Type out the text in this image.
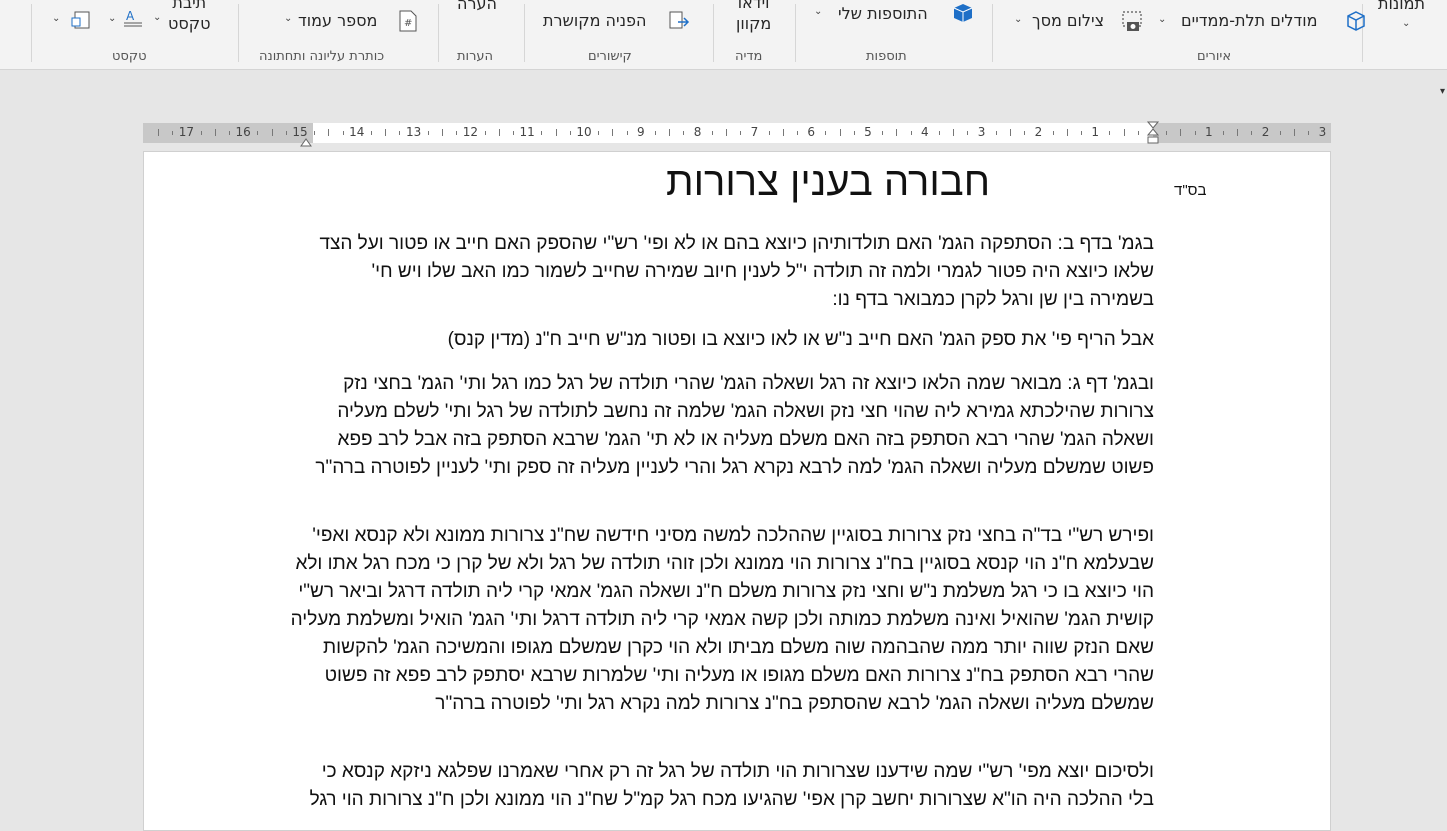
תמונות
⌄
מודלים תלת-ממדיים
⌄
צילום מסך
⌄
איורים
התוספות שלי
⌄
תוספות
וידאו
מקוון
מדיה
הפניה מקושרת
קישורים
הערה
הערות
#
מספר עמוד
⌄
כותרת עליונה ותחתונה
תיבת
טקסט
⌄
A
⌄
⌄
טקסט
▾
3
2
1
1
2
3
4
5
6
7
8
9
10
11
12
13
14
15
16
17
בס"ד
חבורה בענין צרורות
בגמ' בדף ב: הסתפקה הגמ' האם תולדותיהן כיוצא בהם או לא ופי' רש"י שהספק האם חייב או פטור ועל הצד שלאו כיוצא היה פטור לגמרי ולמה זה תולדה י"ל לענין חיוב שמירה שחייב לשמור כמו האב שלו ויש חי' בשמירה בין שן ורגל לקרן כמבואר בדף נו:
אבל הריף פי' את ספק הגמ' האם חייב נ"ש או לאו כיוצא בו ופטור מנ"ש חייב ח"נ (מדין קנס)
ובגמ' דף ג: מבואר שמה הלאו כיוצא זה רגל ושאלה הגמ' שהרי תולדה של רגל כמו רגל ותי' הגמ' בחצי נזק צרורות שהילכתא גמירא ליה שהוי חצי נזק ושאלה הגמ' שלמה זה נחשב לתולדה של רגל ותי' לשלם מעליה ושאלה הגמ' שהרי רבא הסתפק בזה האם משלם מעליה או לא תי' הגמ' שרבא הסתפק בזה אבל לרב פפא פשוט שמשלם מעליה ושאלה הגמ' למה לרבא נקרא רגל והרי לעניין מעליה זה ספק ותי' לעניין לפוטרה ברה"ר
ופירש רש"י בד"ה בחצי נזק צרורות בסוגיין שההלכה למשה מסיני חידשה שח"נ צרורות ממונא ולא קנסא ואפי' שבעלמא ח"נ הוי קנסא בסוגיין בח"נ צרורות הוי ממונא ולכן זוהי תולדה של רגל ולא של קרן כי מכח רגל אתו ולא הוי כיוצא בו כי רגל משלמת נ"ש וחצי נזק צרורות משלם ח"נ ושאלה הגמ' אמאי קרי ליה תולדה דרגל וביאר רש"י קושית הגמ' שהואיל ואינה משלמת כמותה ולכן קשה אמאי קרי ליה תולדה דרגל ותי' הגמ' הואיל ומשלמת מעליה שאם הנזק שווה יותר ממה שהבהמה שוה משלם מביתו ולא הוי כקרן שמשלם מגופו והמשיכה הגמ' להקשות שהרי רבא הסתפק בח"נ צרורות האם משלם מגופו או מעליה ותי' שלמרות שרבא יסתפק לרב פפא זה פשוט שמשלם מעליה ושאלה הגמ' לרבא שהסתפק בח"נ צרורות למה נקרא רגל ותי' לפוטרה ברה"ר
ולסיכום יוצא מפי' רש"י שמה שידענו שצרורות הוי תולדה של רגל זה רק אחרי שאמרנו שפלגא ניזקא קנסא כי בלי ההלכה היה הו"א שצרורות יחשב קרן אפי' שהגיעו מכח רגל קמ"ל שח"נ הוי ממונא ולכן ח"נ צרורות הוי רגל
